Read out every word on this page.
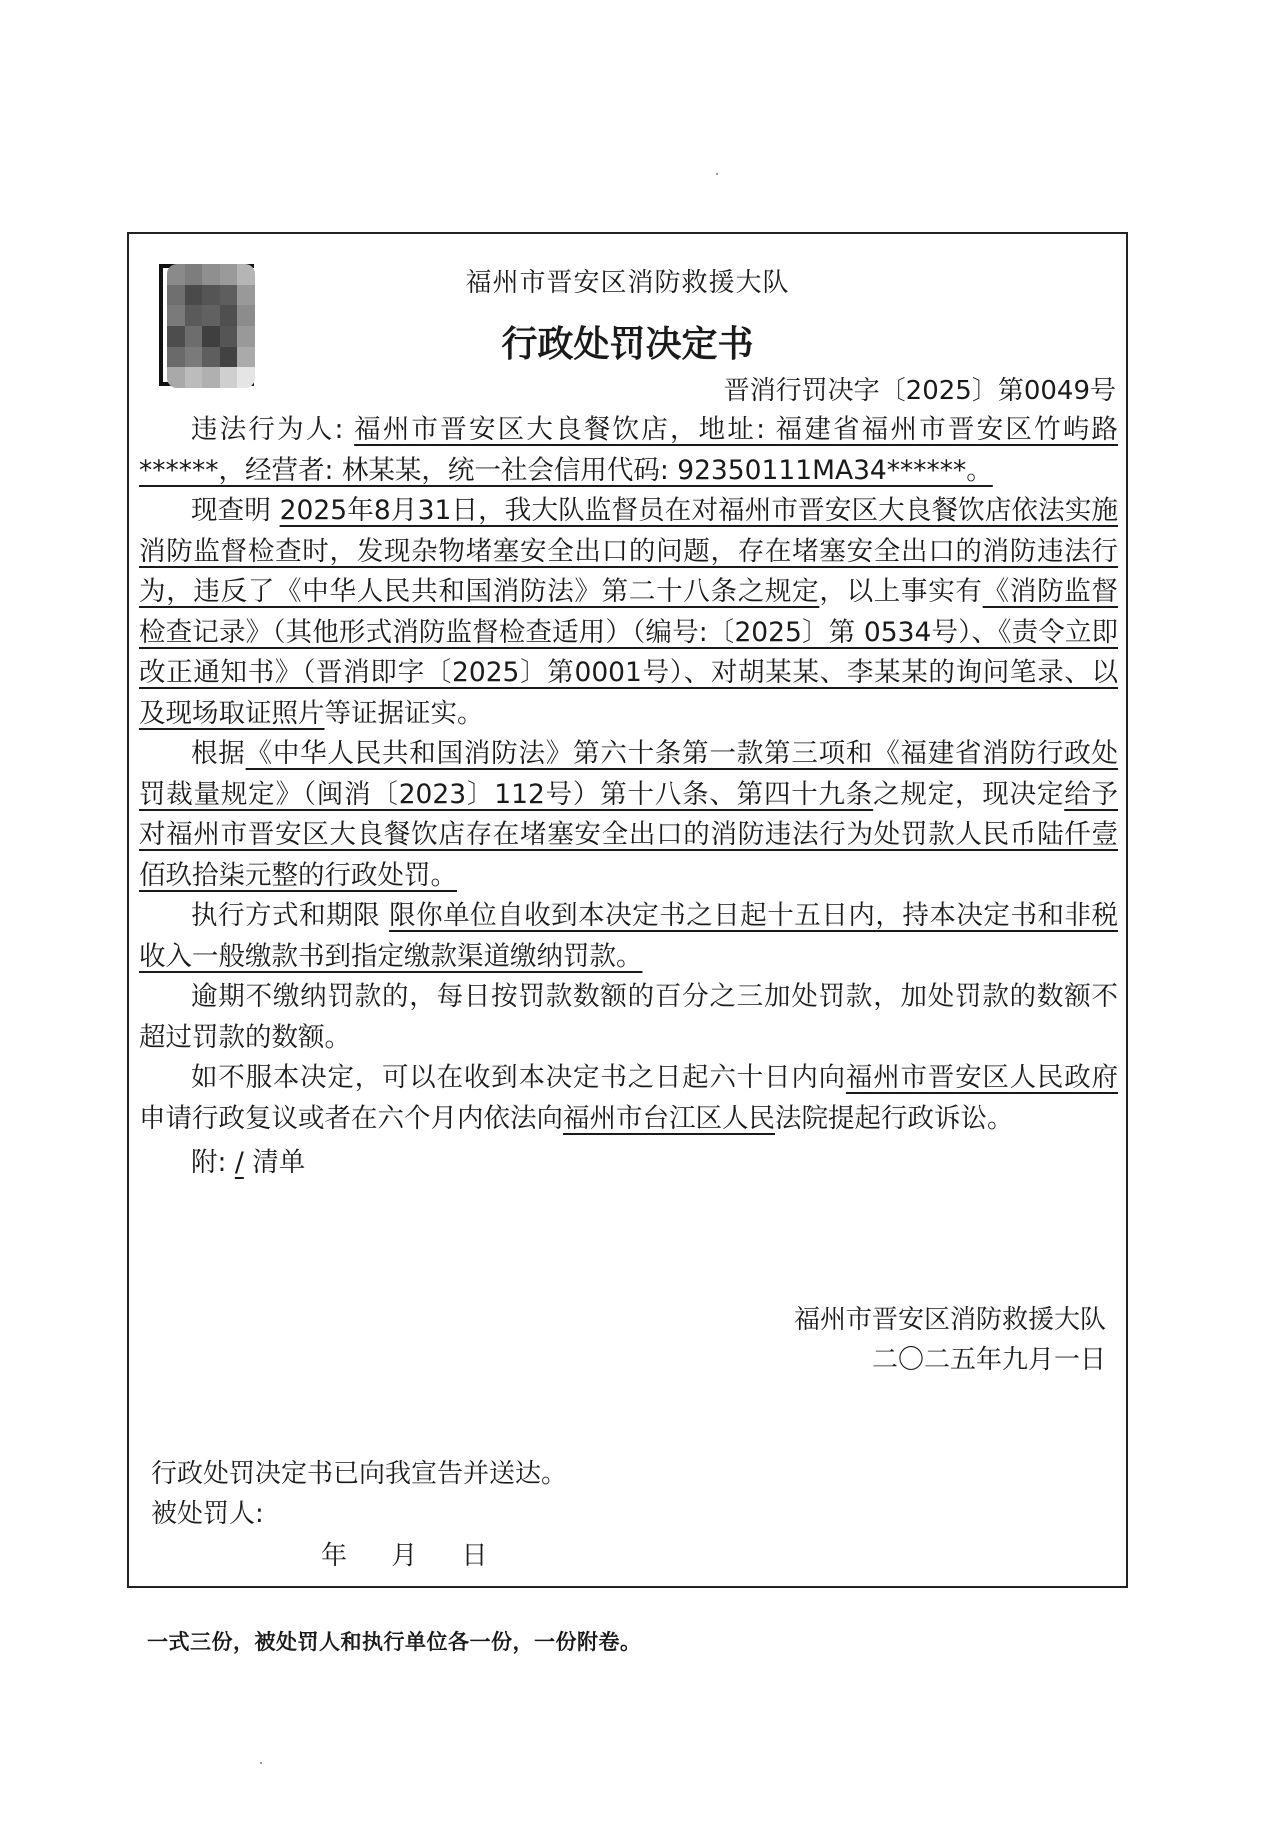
福州市晋安区消防救援大队
行政处罚决定书
晋消行罚决字〔2025〕第0049号

违法行为人: 福州市晋安区大良餐饮店，地址: 福建省福州市晋安区竹屿路******，经营者: 林某某，统一社会信用代码: 92350111MA34******。

现查明 2025年8月31日，我大队监督员在对福州市晋安区大良餐饮店依法实施消防监督检查时，发现杂物堵塞安全出口的问题，存在堵塞安全出口的消防违法行为，违反了《中华人民共和国消防法》第二十八条之规定，以上事实有《消防监督检查记录》（其他形式消防监督检查适用）（编号:〔2025〕第 0534号）、《责令立即改正通知书》（晋消即字〔2025〕第0001号）、对胡某某、李某某的询问笔录、以及现场取证照片等证据证实。

根据《中华人民共和国消防法》第六十条第一款第三项和《福建省消防行政处罚裁量规定》（闽消〔2023〕112号）第十八条、第四十九条之规定，现决定给予对福州市晋安区大良餐饮店存在堵塞安全出口的消防违法行为处罚款人民币陆仟壹佰玖拾柒元整的行政处罚。

执行方式和期限 限你单位自收到本决定书之日起十五日内，持本决定书和非税收入一般缴款书到指定缴款渠道缴纳罚款。

逾期不缴纳罚款的，每日按罚款数额的百分之三加处罚款，加处罚款的数额不超过罚款的数额。

如不服本决定，可以在收到本决定书之日起六十日内向福州市晋安区人民政府申请行政复议或者在六个月内依法向福州市台江区人民法院提起行政诉讼。

附: / 清单

福州市晋安区消防救援大队
二〇二五年九月一日
行政处罚决定书已向我宣告并送达。
被处罚人:
年 月 日
一式三份，被处罚人和执行单位各一份，一份附卷。
